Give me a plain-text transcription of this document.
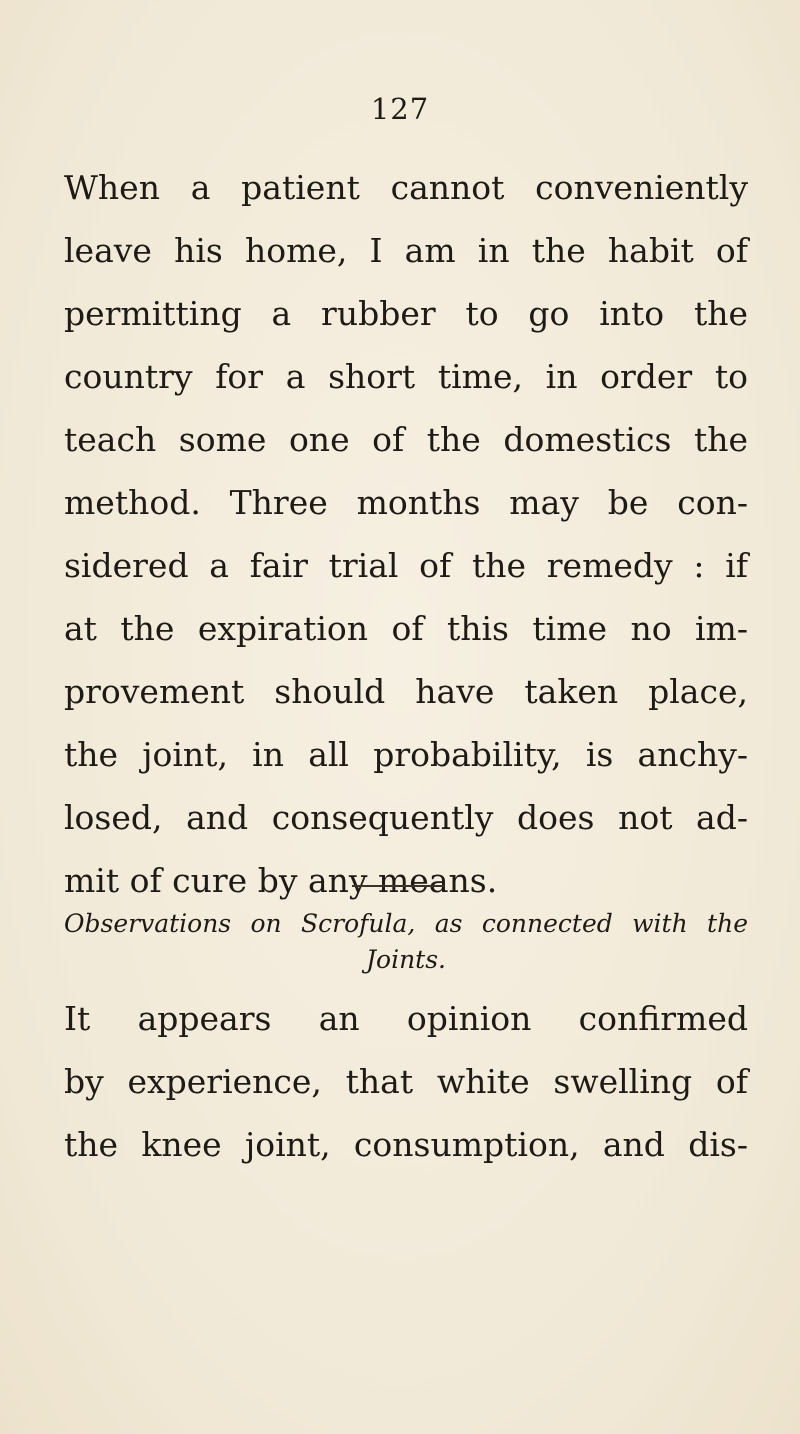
127
When a patient cannot conveniently
leave his home, I am in the habit of
permitting a rubber to go into the
country for a short time, in order to
teach some one of the domestics the
method. Three months may be con-
sidered a fair trial of the remedy : if
at the expiration of this time no im-
provement should have taken place,
the joint, in all probability, is anchy-
losed, and consequently does not ad-
mit of cure by any means.
Observations on Scrofula, as connected with the
Joints.
It appears an opinion confirmed
by experience, that white swelling of
the knee joint, consumption, and dis-
